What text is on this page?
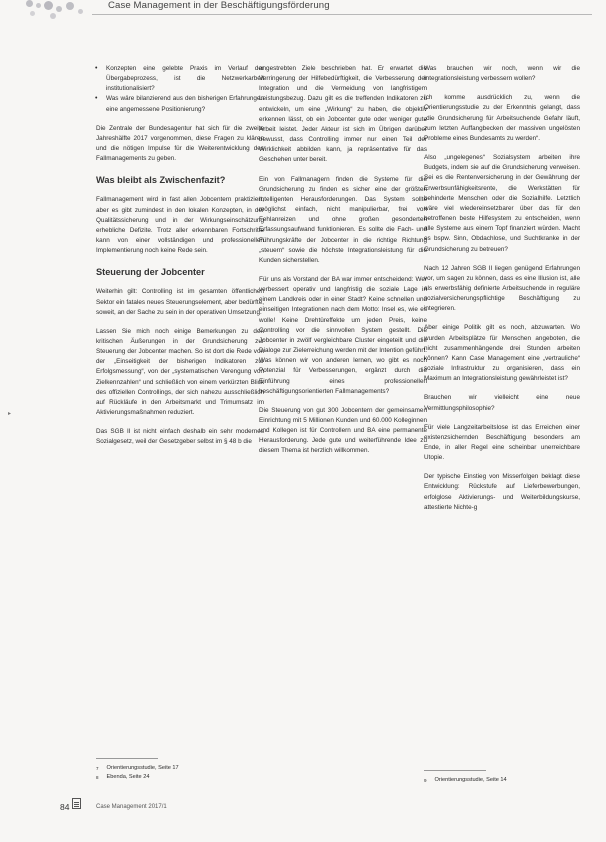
Case Management in der Beschäftigungsförderung
▸
• Konzepten eine gelebte Praxis im Verlauf der Übergabeprozess, ist die Netzwerkarbeit institutionalisiert?
• Was wäre bilanzierend aus den bisherigen Erfahrungen eine angemessene Positionierung?

Die Zentrale der Bundesagentur hat sich für die zweite Jahreshälfte 2017 vorgenommen, diese Fragen zu klären und die nötigen Impulse für die Weiterentwicklung des Fallmanagements zu geben.

Was bleibt als Zwischenfazit?

Fallmanagement wird in fast allen Jobcentern praktiziert, aber es gibt zumindest in den lokalen Konzepten, in der Qualitätssicherung und in der Wirkungseinschätzung erhebliche Defizite. Trotz aller erkennbaren Fortschritte kann von einer vollständigen und professionellen Implementierung noch keine Rede sein.

Steuerung der Jobcenter

Weiterhin gilt: Controlling ist im gesamten öffentlichen Sektor ein fatales neues Steuerungselement, aber bedürfte, soweit, an der Sache zu sein in der operativen Umsetzung.

Lassen Sie mich noch einige Bemerkungen zu den kritischen Äußerungen in der Grundsicherung zur Steuerung der Jobcenter machen. So ist dort die Rede von der „Einseitigkeit der bisherigen Indikatoren zur Erfolgsmessung“, von der „systematischen Verengung von Zielkennzahlen“ und schließlich von einem verkürzten Blick des offiziellen Controllings, der sich nahezu ausschließlich auf Rückläufe in den Arbeitsmarkt und Trimumsatz im Aktivierungsmaßnahmen reduziert.

Das SGB II ist nicht einfach deshalb ein sehr modernes Sozialgesetz, weil der Gesetzgeber selbst im § 48 b die

angestrebten Ziele beschrieben hat. Er erwartet die Verringerung der Hilfebedürftigkeit, die Verbesserung der Integration und die Vermeidung von langfristigem Leistungsbezug. Dazu gilt es die treffenden Indikatoren zu entwickeln, um eine „Wirkung“ zu haben, die objektiv erkennen lässt, ob ein Jobcenter gute oder weniger gute Arbeit leistet. Jeder Akteur ist sich im Übrigen darüber bewusst, dass Controlling immer nur einen Teil der Wirklichkeit abbilden kann, ja repräsentative für das Geschehen unter bereit.

Ein von Fallmanagern finden die Systeme für die Grundsicherung zu finden es sicher eine der größten Intelligenten Herausforderungen. Das System sollte möglichst einfach, nicht manipulierbar, frei von Fehlanreizen und ohne großen gesonderten Erfassungsaufwand funktionieren. Es sollte die Fach- und Führungskräfte der Jobcenter in die richtige Richtung „steuern“ sowie die höchste Integrationsleistung für die Kunden sicherstellen.

Für uns als Vorstand der BA war immer entscheidend: Wer verbessert operativ und langfristig die soziale Lage in einem Landkreis oder in einer Stadt? Keine schnellen und einseitigen Integrationen nach dem Motto: Insel es, wie es wolle! Keine Drehtüreffekte um jeden Preis, keine Controlling vor die sinnvollen System gestellt. Die Jobcenter in zwölf vergleichbare Cluster eingeteilt und die Dialoge zur Zielerreichung werden mit der Intention geführt. Was können wir von anderen lernen, wo gibt es noch Potenzial für Verbesserungen, ergänzt durch die Einführung eines professionellen beschäftigungsorientierten Fallmanagements?

Die Steuerung von gut 300 Jobcentern der gemeinsamen Einrichtung mit 5 Millionen Kunden und 60.000 Kolleginnen und Kollegen ist für Controllern und BA eine permanente Herausforderung. Jede gute und weiterführende Idee zu diesem Thema ist herzlich willkommen.

Was brauchen wir noch, wenn wir die Integrationsleistung verbessern wollen?

Ich komme ausdrücklich zu, wenn die Orientierungsstudie zu der Erkenntnis gelangt, dass „die Grundsicherung für Arbeitsuchende Gefahr läuft, zum letzten Auffangbecken der massiven ungelösten Probleme eines Bundesamts zu werden“.

Also „ungelegenes“ Sozialsystem arbeiten ihre Budgets, indem sie auf die Grundsicherung verweisen. Sei es die Rentenversicherung in der Gewährung der Erwerbsunfähigkeitsrente, die Werkstätten für behinderte Menschen oder die Sozialhilfe. Letztlich wäre viel wiedereinsetzbarer über das für den betroffenen beste Hilfesystem zu entscheiden, wenn alle Systeme aus einem Topf finanziert würden. Macht es bspw. Sinn, Obdachlose, und Suchtkranke in der Grundsicherung zu betreuen?

Nach 12 Jahren SGB II liegen genügend Erfahrungen vor, um sagen zu können, dass es eine Illusion ist, alle als erwerbsfähig definierte Arbeitsuchende in reguläre sozialversicherungspflichtige Beschäftigung zu integrieren.

Aber einige Politik gilt es noch, abzuwarten. Wo wurden Arbeitsplätze für Menschen angeboten, die nicht zusammenhängende drei Stunden arbeiten können? Kann Case Management eine „vertrauliche“ soziale Infrastruktur zu organisieren, dass ein Maximum an Integrationsleistung gewährleistet ist?

Brauchen wir vielleicht eine neue Vermittlungsphilosophie?

Für viele Langzeitarbeitslose ist das Erreichen einer existenzsichernden Beschäftigung besonders am Ende, in aller Regel eine scheinbar unerreichbare Utopie.

Der typische Einstieg von Misserfolgen beklagt diese Entwicklung: Rückstufe auf Lieferbewerbungen, erfolglose Aktivierungs- und Weiterbildungskurse, attestierte Nichte-g

7 Orientierungsstudie, Seite 17
8 Ebenda, Seite 24
9 Orientierungsstudie, Seite 14
84	Case Management 2017/1
